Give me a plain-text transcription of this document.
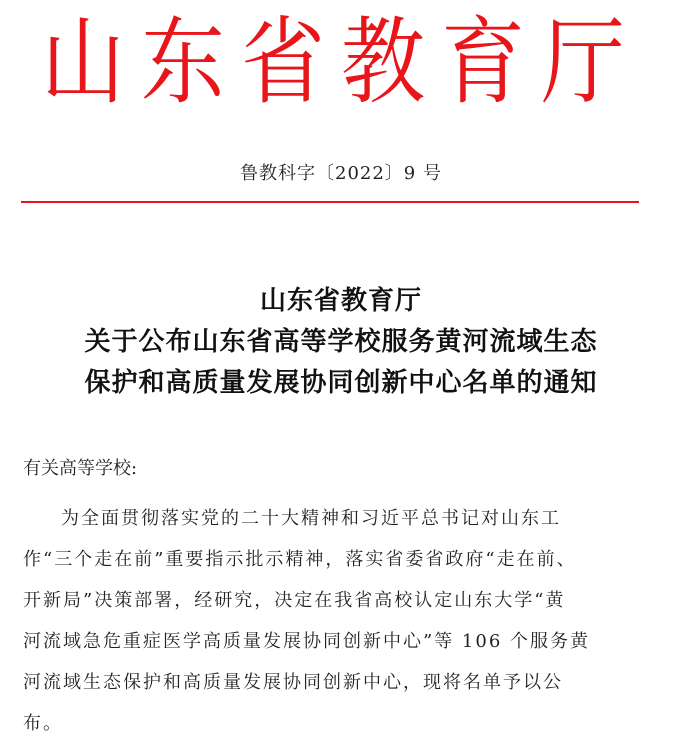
山东省教育厅
鲁教科字〔2022〕9 号
山东省教育厅
关于公布山东省高等学校服务黄河流域生态
保护和高质量发展协同创新中心名单的通知
有关高等学校:
为全面贯彻落实党的二十大精神和习近平总书记对山东工
作“三个走在前”重要指示批示精神，落实省委省政府“走在前、
开新局”决策部署，经研究，决定在我省高校认定山东大学“黄
河流域急危重症医学高质量发展协同创新中心”等 106 个服务黄
河流域生态保护和高质量发展协同创新中心，现将名单予以公
布。
